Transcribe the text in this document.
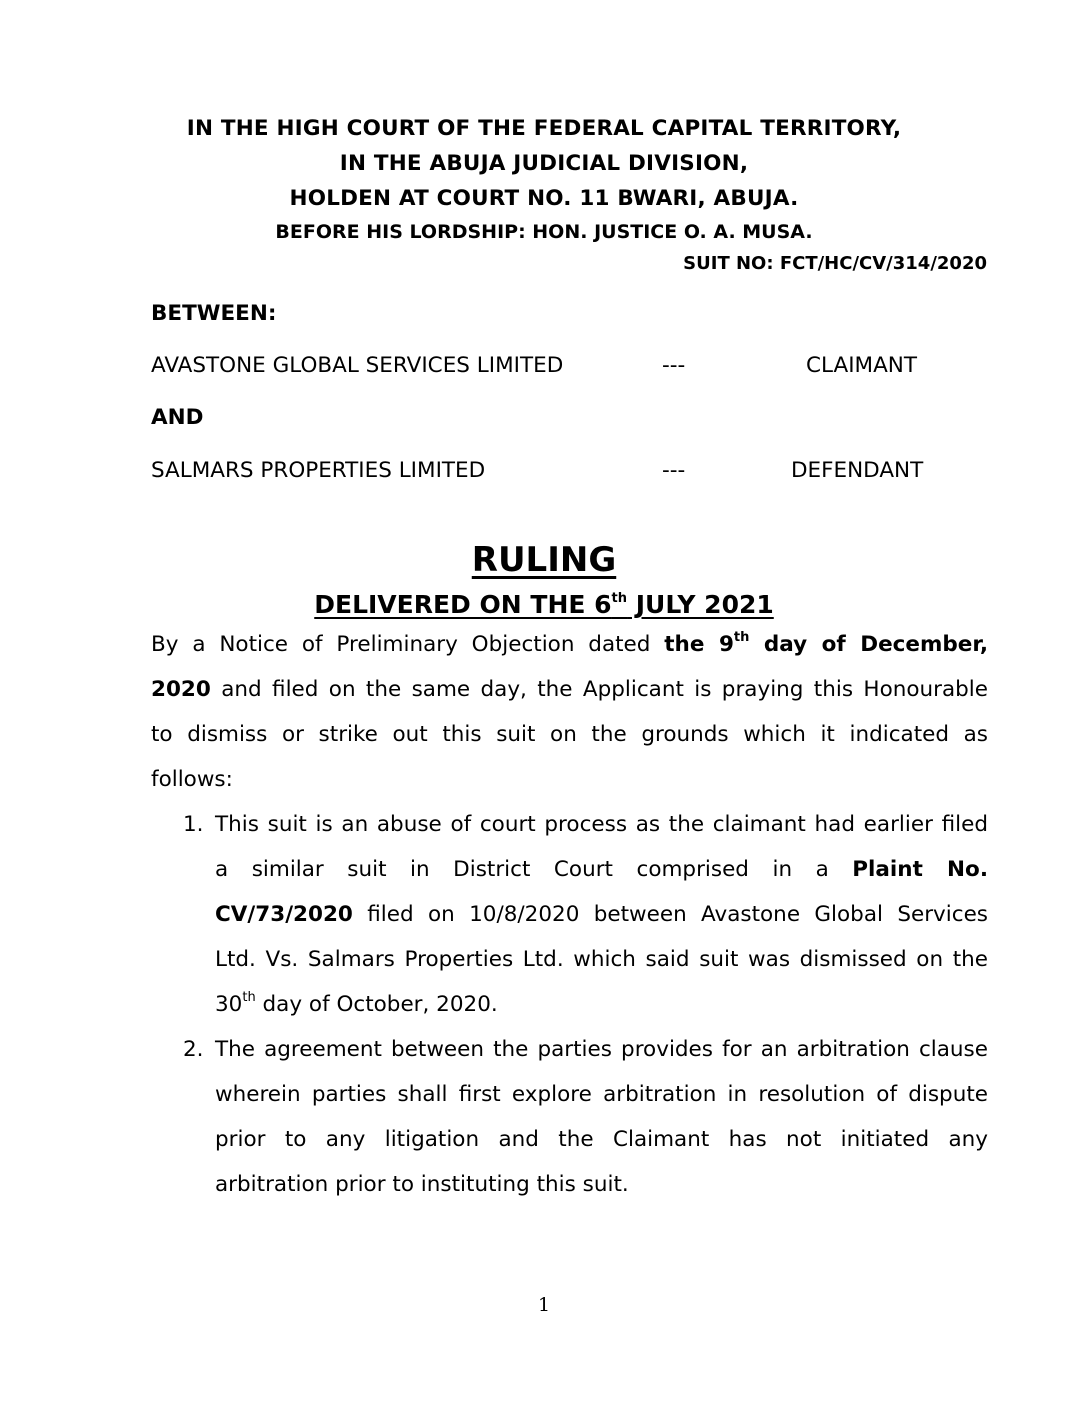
IN THE HIGH COURT OF THE FEDERAL CAPITAL TERRITORY,
IN THE ABUJA JUDICIAL DIVISION,
HOLDEN AT COURT NO. 11 BWARI, ABUJA.
BEFORE HIS LORDSHIP: HON. JUSTICE O. A. MUSA.
SUIT NO: FCT/HC/CV/314/2020
BETWEEN:
AVASTONE GLOBAL SERVICES LIMITED	---	CLAIMANT
AND
SALMARS PROPERTIES LIMITED	---	DEFENDANT
RULING
DELIVERED ON THE 6th JULY 2021
By a Notice of Preliminary Objection dated the 9th day of December,
2020 and filed on the same day, the Applicant is praying this Honourable
to dismiss or strike out this suit on the grounds which it indicated as
follows:
1. This suit is an abuse of court process as the claimant had earlier filed
a similar suit in District Court comprised in a Plaint No.
CV/73/2020 filed on 10/8/2020 between Avastone Global Services
Ltd. Vs. Salmars Properties Ltd. which said suit was dismissed on the
30th day of October, 2020.
2. The agreement between the parties provides for an arbitration clause
wherein parties shall first explore arbitration in resolution of dispute
prior to any litigation and the Claimant has not initiated any
arbitration prior to instituting this suit.
1
